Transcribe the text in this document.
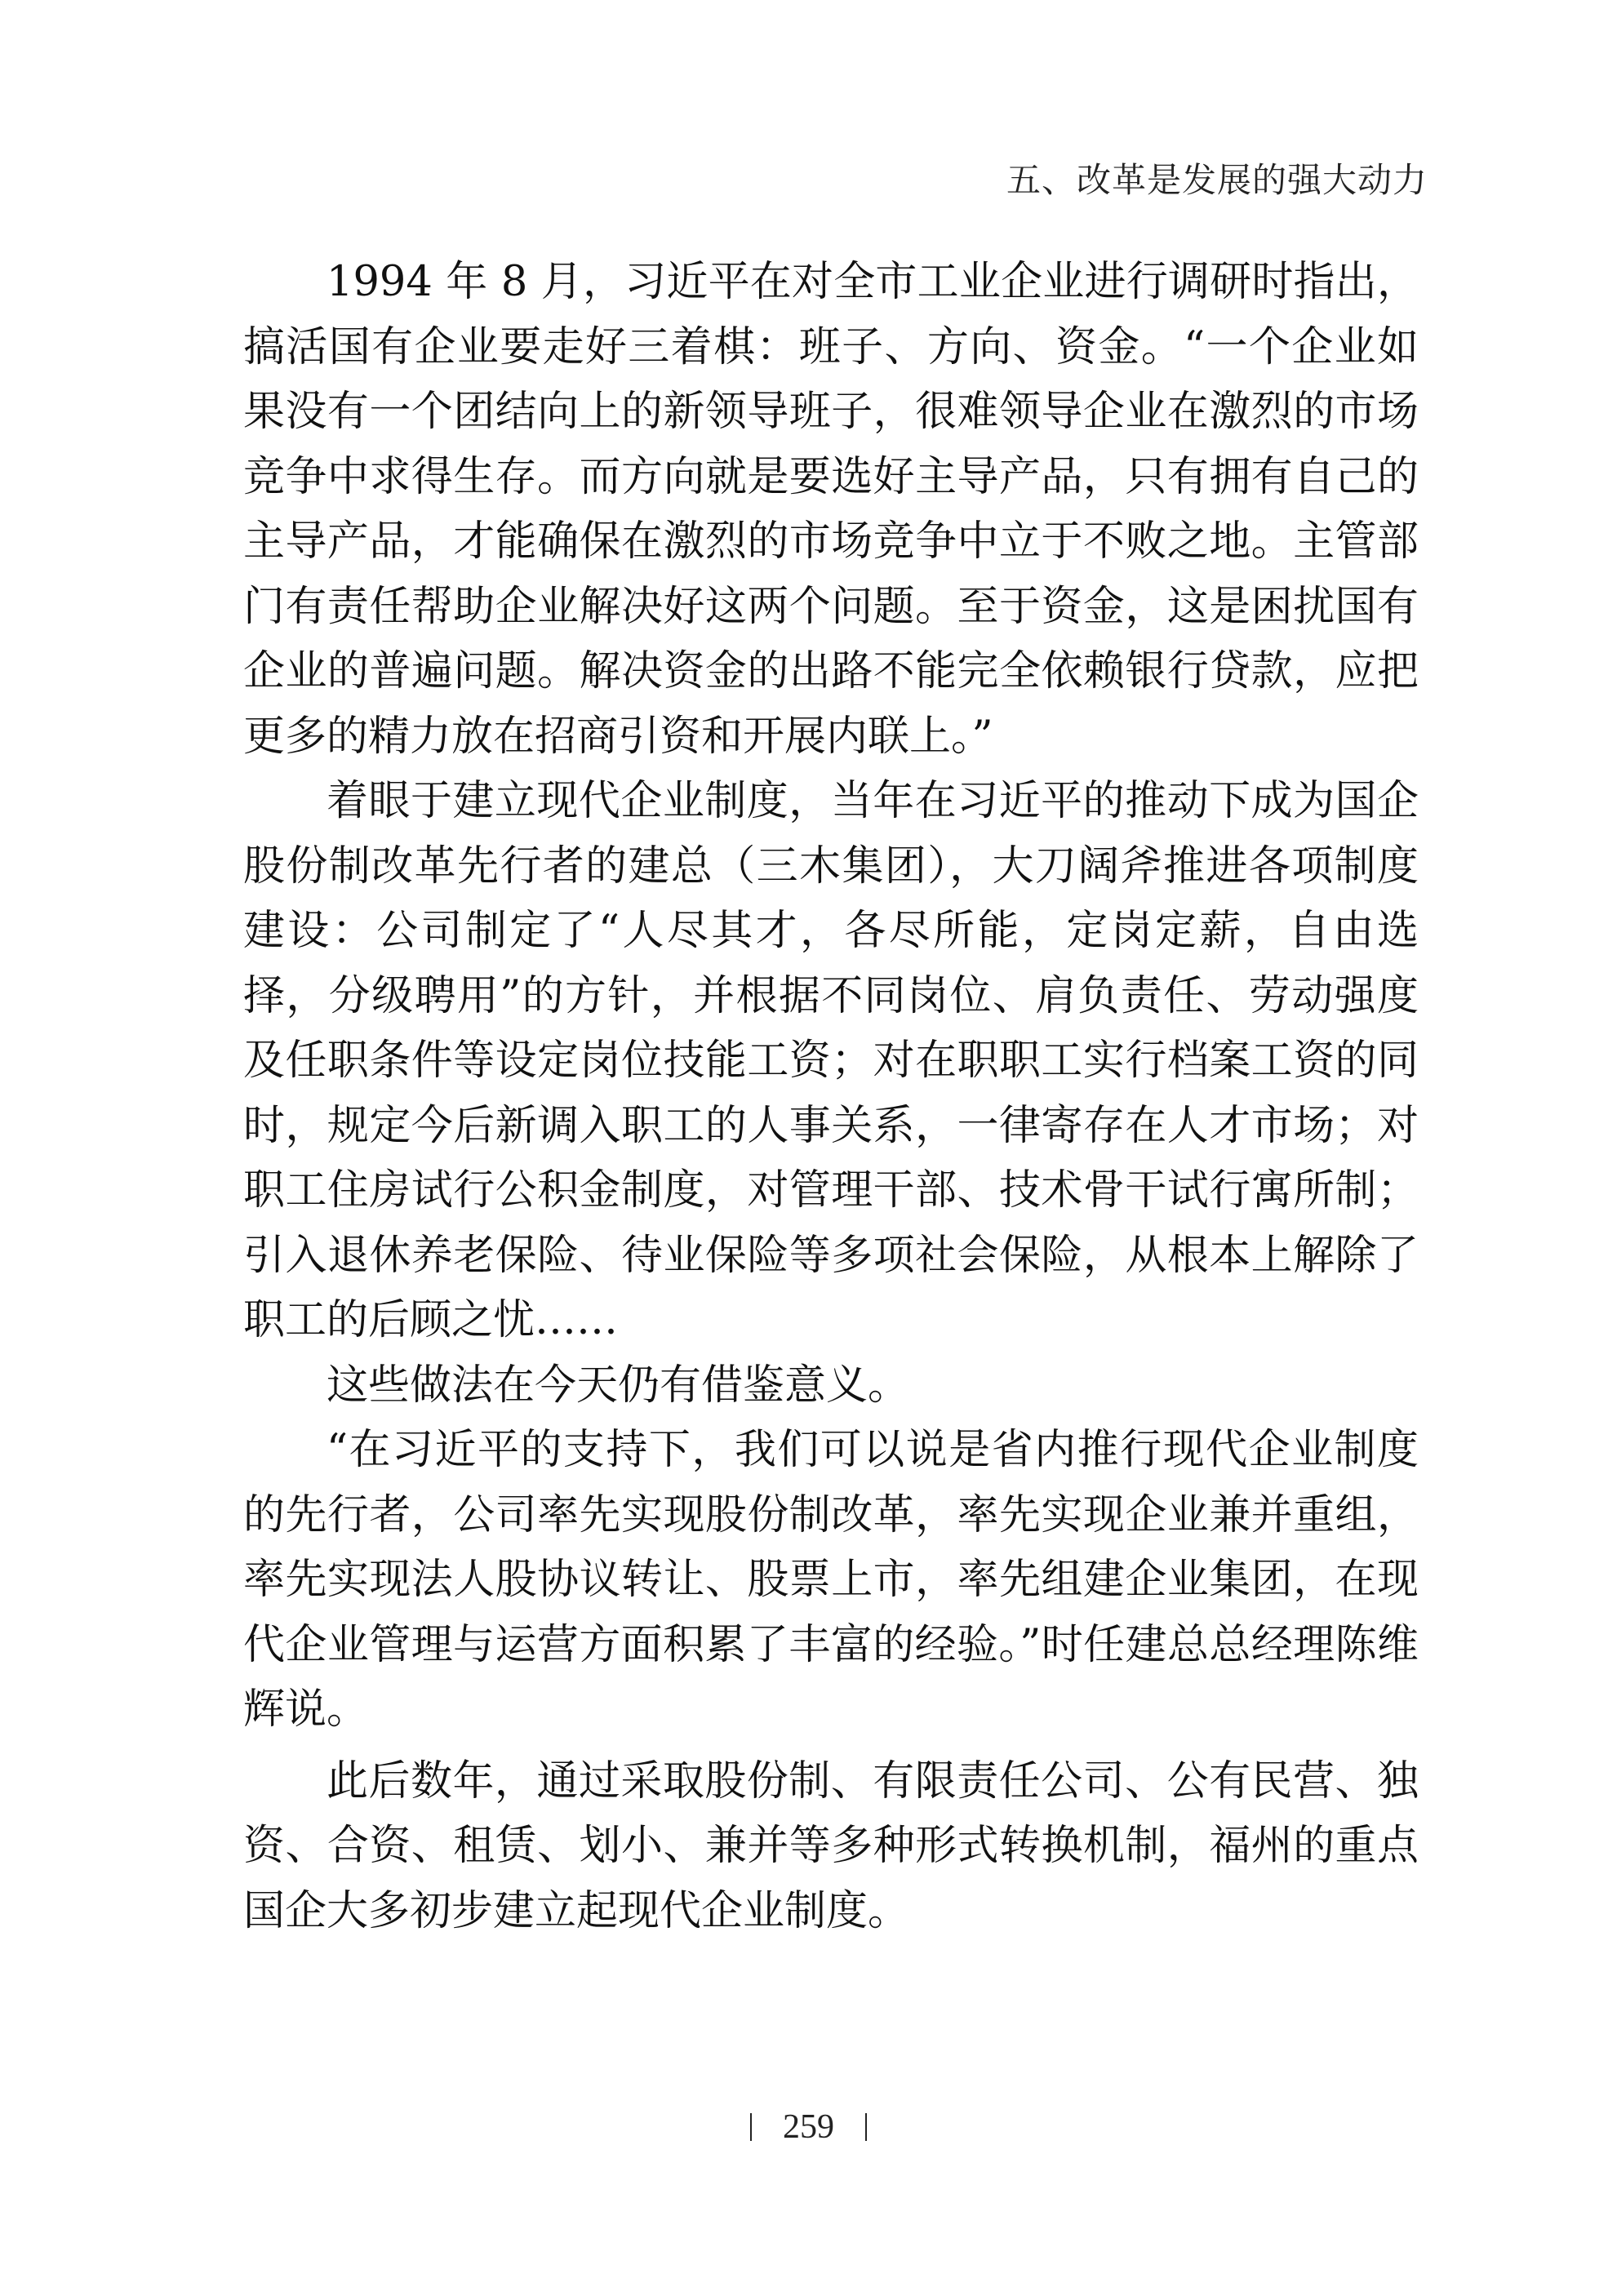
五、改革是发展的强大动力

1994 年 8 月，习近平在对全市工业企业进行调研时指出，搞活国有企业要走好三着棋：班子、方向、资金。“一个企业如果没有一个团结向上的新领导班子，很难领导企业在激烈的市场竞争中求得生存。而方向就是要选好主导产品，只有拥有自己的主导产品，才能确保在激烈的市场竞争中立于不败之地。主管部门有责任帮助企业解决好这两个问题。至于资金，这是困扰国有企业的普遍问题。解决资金的出路不能完全依赖银行贷款，应把更多的精力放在招商引资和开展内联上。”

着眼于建立现代企业制度，当年在习近平的推动下成为国企股份制改革先行者的建总（三木集团），大刀阔斧推进各项制度建设：公司制定了“人尽其才，各尽所能，定岗定薪，自由选择，分级聘用”的方针，并根据不同岗位、肩负责任、劳动强度及任职条件等设定岗位技能工资；对在职职工实行档案工资的同时，规定今后新调入职工的人事关系，一律寄存在人才市场；对职工住房试行公积金制度，对管理干部、技术骨干试行寓所制；引入退休养老保险、待业保险等多项社会保险，从根本上解除了职工的后顾之忧……

这些做法在今天仍有借鉴意义。

“在习近平的支持下，我们可以说是省内推行现代企业制度的先行者，公司率先实现股份制改革，率先实现企业兼并重组，率先实现法人股协议转让、股票上市，率先组建企业集团，在现代企业管理与运营方面积累了丰富的经验。”时任建总总经理陈维辉说。

此后数年，通过采取股份制、有限责任公司、公有民营、独资、合资、租赁、划小、兼并等多种形式转换机制，福州的重点国企大多初步建立起现代企业制度。

259
